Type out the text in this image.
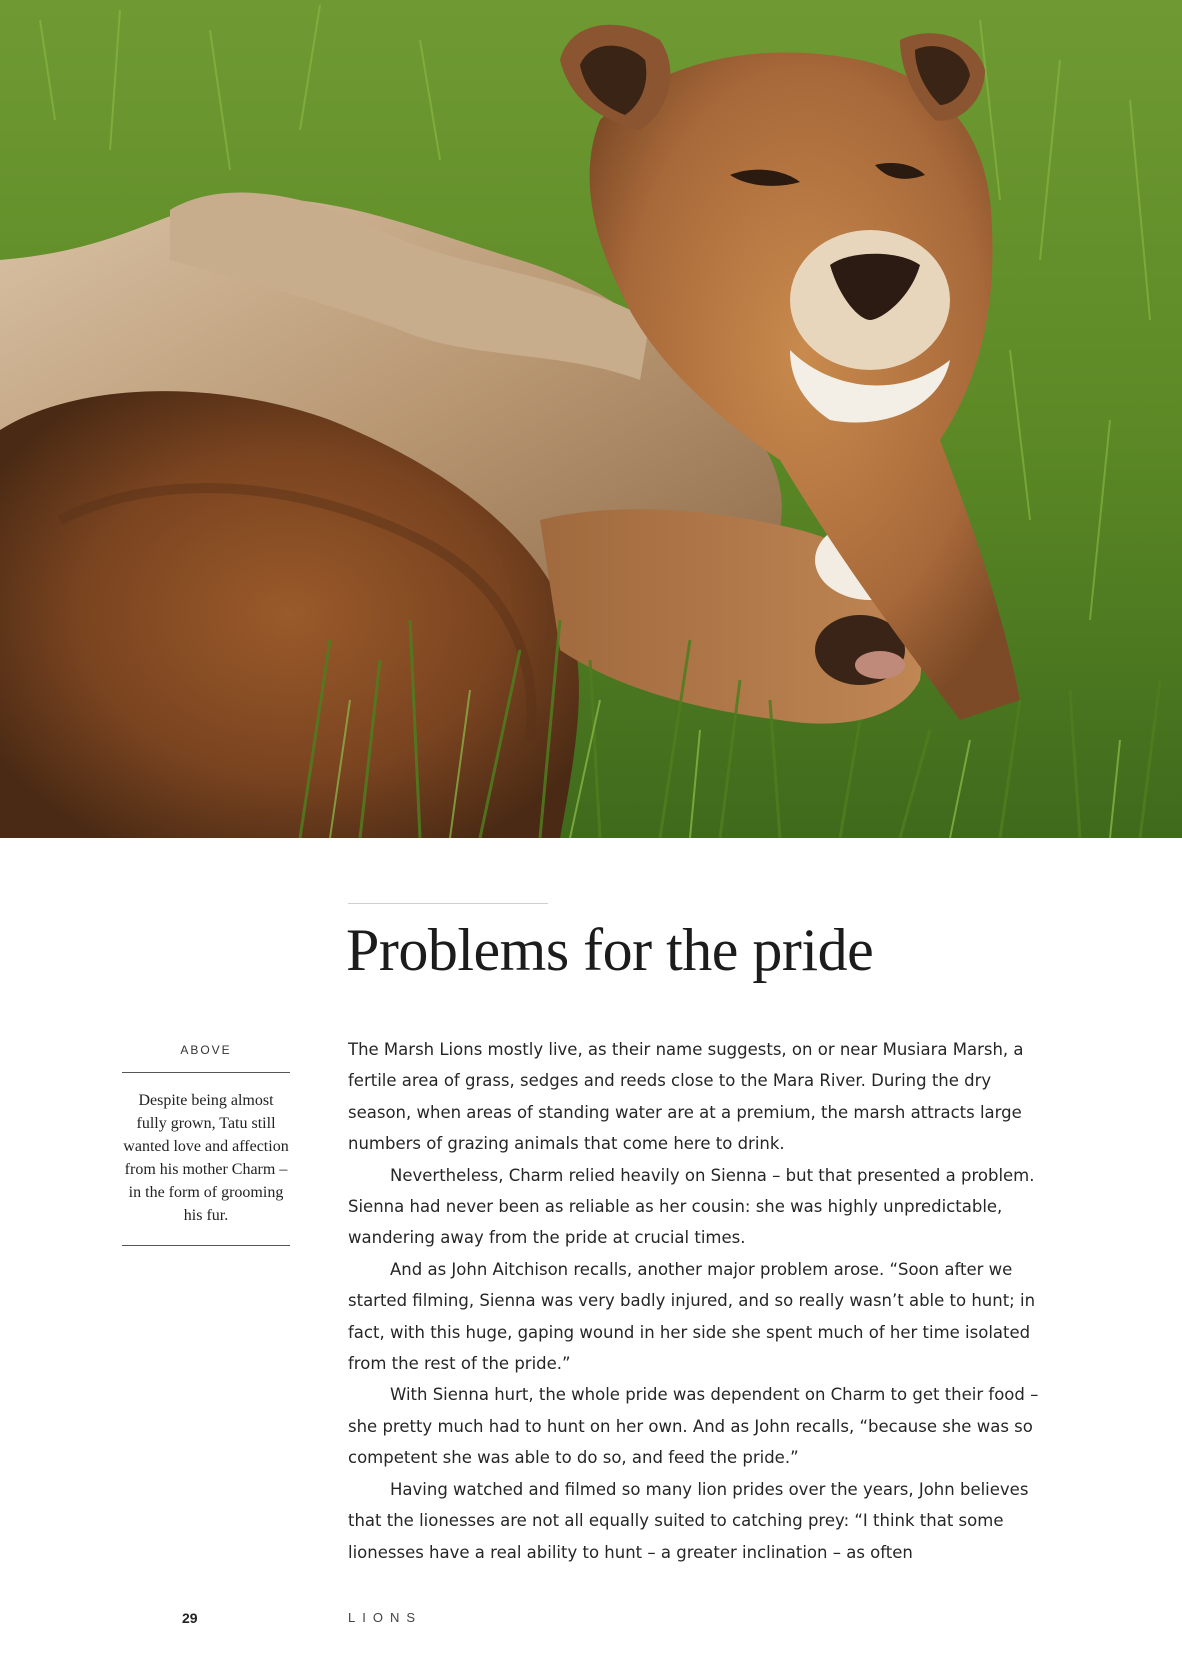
Problems for the pride
ABOVE
Despite being almost fully grown, Tatu still wanted love and affection from his mother Charm – in the form of grooming his fur.

The Marsh Lions mostly live, as their name suggests, on or near Musiara Marsh, a fertile area of grass, sedges and reeds close to the Mara River. During the dry season, when areas of standing water are at a premium, the marsh attracts large numbers of grazing animals that come here to drink.

Nevertheless, Charm relied heavily on Sienna – but that presented a problem. Sienna had never been as reliable as her cousin: she was highly unpredictable, wandering away from the pride at crucial times.

And as John Aitchison recalls, another major problem arose. “Soon after we started filming, Sienna was very badly injured, and so really wasn’t able to hunt; in fact, with this huge, gaping wound in her side she spent much of her time isolated from the rest of the pride.”

With Sienna hurt, the whole pride was dependent on Charm to get their food – she pretty much had to hunt on her own. And as John recalls, “because she was so competent she was able to do so, and feed the pride.”

Having watched and filmed so many lion prides over the years, John believes that the lionesses are not all equally suited to catching prey: “I think that some lionesses have a real ability to hunt – a greater inclination – as often

29	LIONS
